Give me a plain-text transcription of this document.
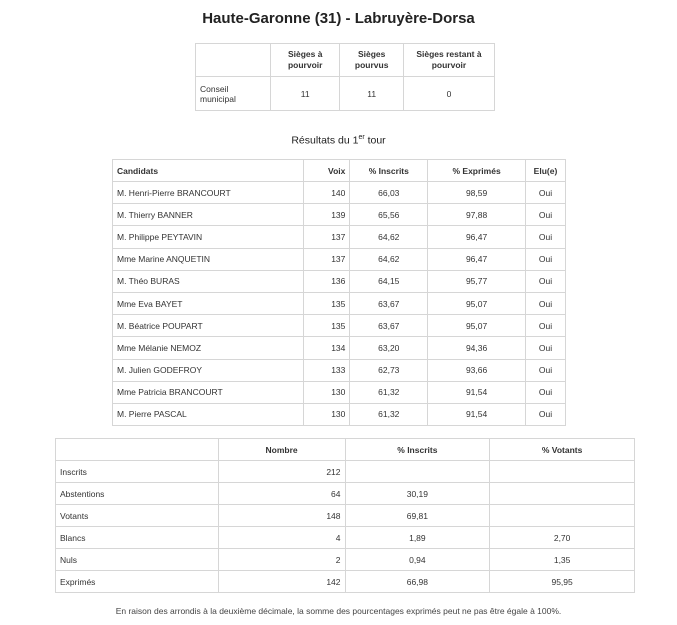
Haute-Garonne (31) - Labruyère-Dorsa
	Sièges à pourvoir	Sièges pourvus	Sièges restant à pourvoir
Conseil municipal	11	11	0
Résultats du 1er tour
Candidats	Voix	% Inscrits	% Exprimés	Elu(e)
M. Henri-Pierre BRANCOURT	140	66,03	98,59	Oui
M. Thierry BANNER	139	65,56	97,88	Oui
M. Philippe PEYTAVIN	137	64,62	96,47	Oui
Mme Marine ANQUETIN	137	64,62	96,47	Oui
M. Théo BURAS	136	64,15	95,77	Oui
Mme Eva BAYET	135	63,67	95,07	Oui
M. Béatrice POUPART	135	63,67	95,07	Oui
Mme Mélanie NEMOZ	134	63,20	94,36	Oui
M. Julien GODEFROY	133	62,73	93,66	Oui
Mme Patricia BRANCOURT	130	61,32	91,54	Oui
M. Pierre PASCAL	130	61,32	91,54	Oui
	Nombre	% Inscrits	% Votants
Inscrits	212		
Abstentions	64	30,19	
Votants	148	69,81	
Blancs	4	1,89	2,70
Nuls	2	0,94	1,35
Exprimés	142	66,98	95,95
En raison des arrondis à la deuxième décimale, la somme des pourcentages exprimés peut ne pas être égale à 100%.
